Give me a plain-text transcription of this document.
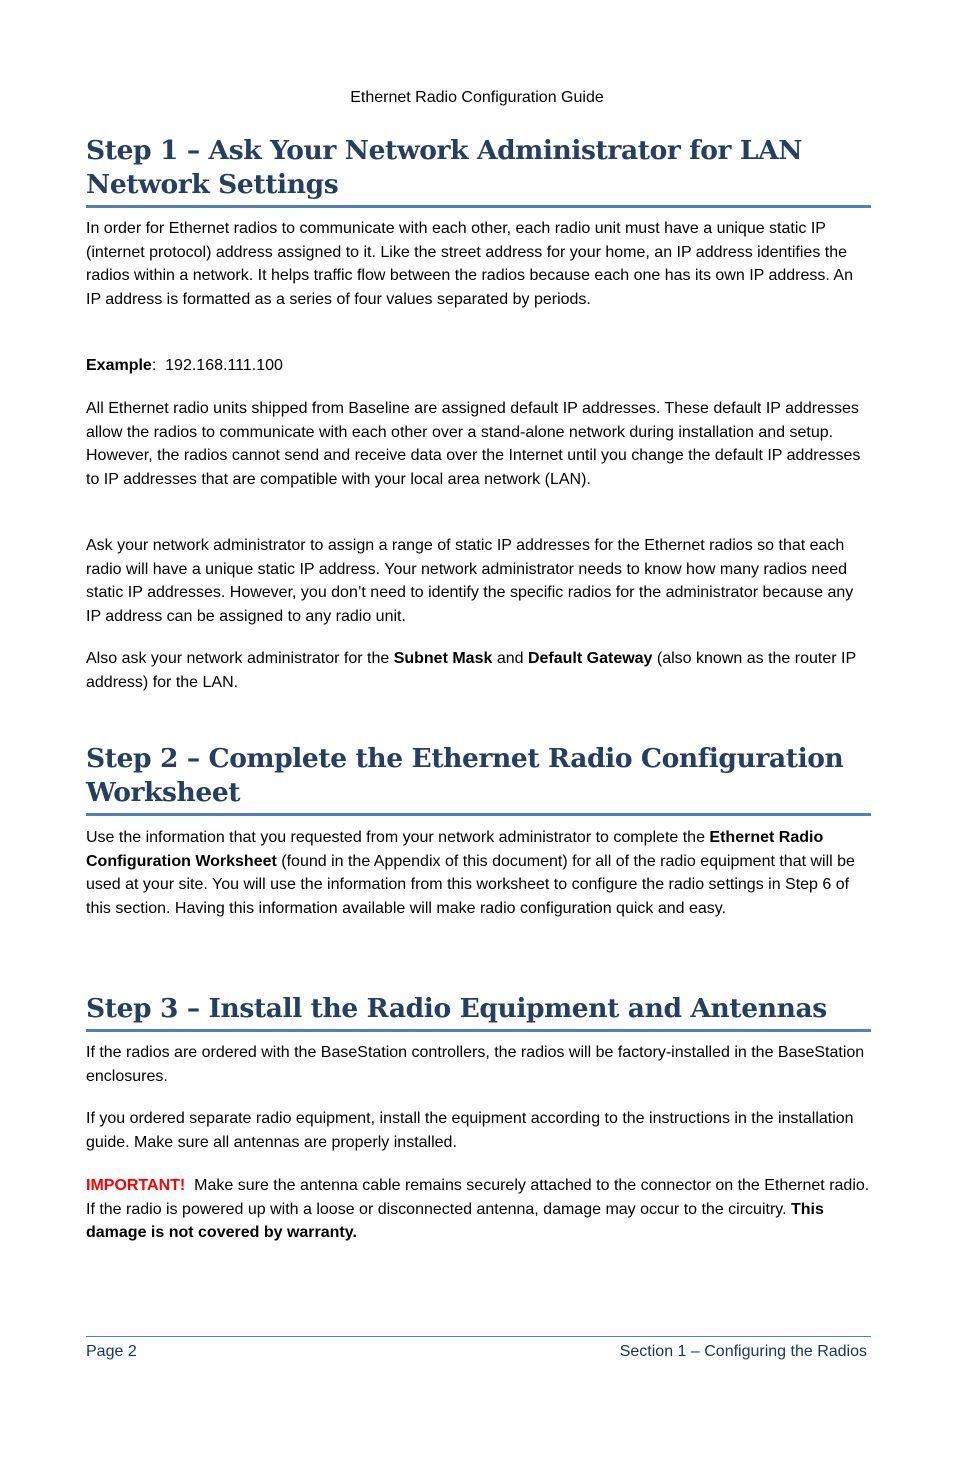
Ethernet Radio Configuration Guide
Step 1 – Ask Your Network Administrator for LAN Network Settings

In order for Ethernet radios to communicate with each other, each radio unit must have a unique static IP (internet protocol) address assigned to it. Like the street address for your home, an IP address identifies the radios within a network. It helps traffic flow between the radios because each one has its own IP address. An IP address is formatted as a series of four values separated by periods.

Example:  192.168.111.100

All Ethernet radio units shipped from Baseline are assigned default IP addresses. These default IP addresses allow the radios to communicate with each other over a stand-alone network during installation and setup. However, the radios cannot send and receive data over the Internet until you change the default IP addresses to IP addresses that are compatible with your local area network (LAN).

Ask your network administrator to assign a range of static IP addresses for the Ethernet radios so that each radio will have a unique static IP address. Your network administrator needs to know how many radios need static IP addresses. However, you don’t need to identify the specific radios for the administrator because any IP address can be assigned to any radio unit.

Also ask your network administrator for the Subnet Mask and Default Gateway (also known as the router IP address) for the LAN.

Step 2 – Complete the Ethernet Radio Configuration Worksheet

Use the information that you requested from your network administrator to complete the Ethernet Radio Configuration Worksheet (found in the Appendix of this document) for all of the radio equipment that will be used at your site. You will use the information from this worksheet to configure the radio settings in Step 6 of this section. Having this information available will make radio configuration quick and easy.

Step 3 – Install the Radio Equipment and Antennas

If the radios are ordered with the BaseStation controllers, the radios will be factory-installed in the BaseStation enclosures.

If you ordered separate radio equipment, install the equipment according to the instructions in the installation guide. Make sure all antennas are properly installed.

IMPORTANT!  Make sure the antenna cable remains securely attached to the connector on the Ethernet radio. If the radio is powered up with a loose or disconnected antenna, damage may occur to the circuitry. This damage is not covered by warranty.

Page 2	Section 1 – Configuring the Radios
